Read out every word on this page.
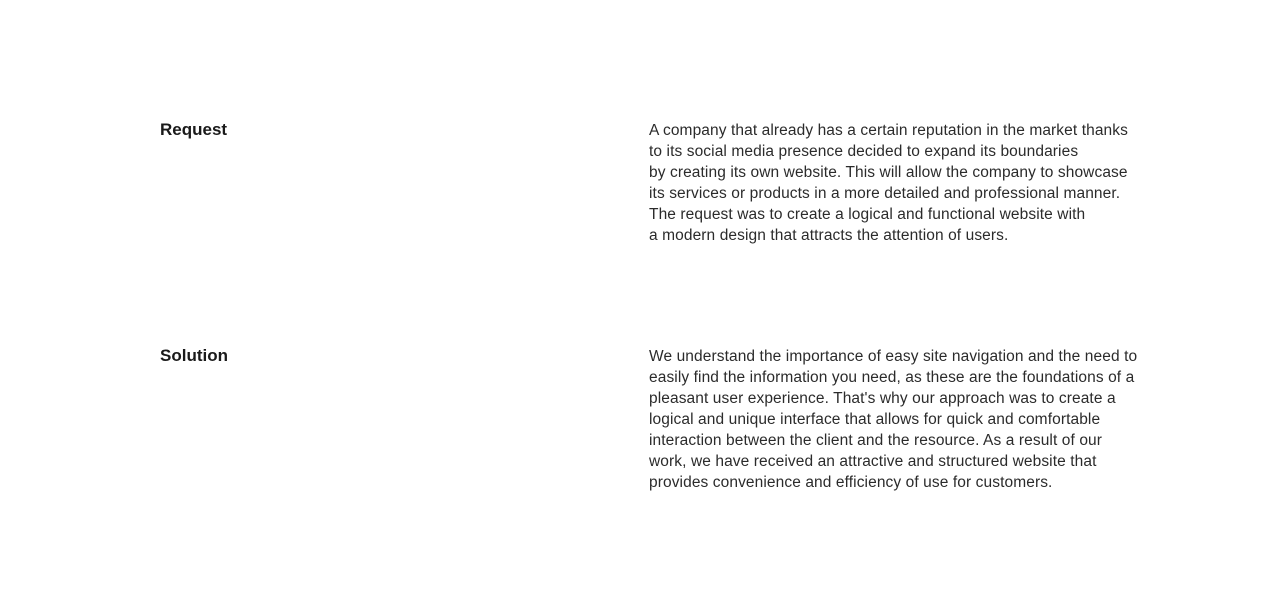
Request	A company that already has a certain reputation in the market thanks
to its social media presence decided to expand its boundaries
by creating its own website. This will allow the company to showcase
its services or products in a more detailed and professional manner.
The request was to create a logical and functional website with
a modern design that attracts the attention of users.

Solution	We understand the importance of easy site navigation and the need to
easily find the information you need, as these are the foundations of a
pleasant user experience. That's why our approach was to create a
logical and unique interface that allows for quick and comfortable
interaction between the client and the resource. As a result of our
work, we have received an attractive and structured website that
provides convenience and efficiency of use for customers.
